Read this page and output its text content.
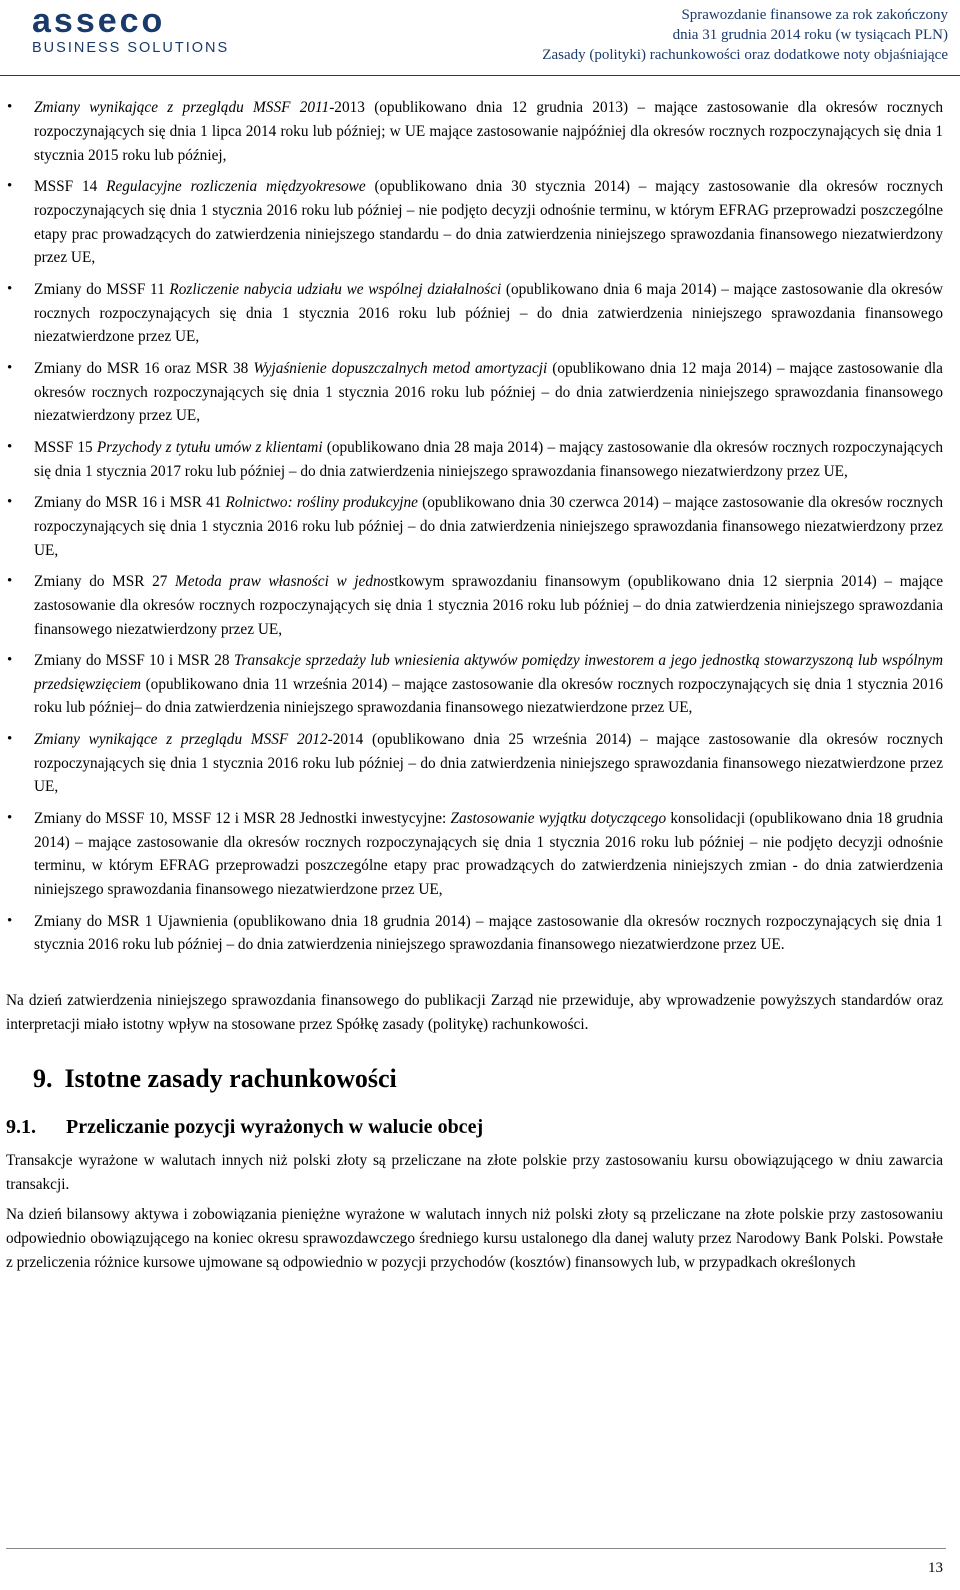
asseco
BUSINESS SOLUTIONS
Sprawozdanie finansowe za rok zakończony
dnia 31 grudnia 2014 roku (w tysiącach PLN)
Zasady (polityki) rachunkowości oraz dodatkowe noty objaśniające
• Zmiany wynikające z przeglądu MSSF 2011-2013 (opublikowano dnia 12 grudnia 2013) – mające zastosowanie dla okresów rocznych rozpoczynających się dnia 1 lipca 2014 roku lub później; w UE mające zastosowanie najpóźniej dla okresów rocznych rozpoczynających się dnia 1 stycznia 2015 roku lub później,
• MSSF 14 Regulacyjne rozliczenia międzyokresowe (opublikowano dnia 30 stycznia 2014) – mający zastosowanie dla okresów rocznych rozpoczynających się dnia 1 stycznia 2016 roku lub później – nie podjęto decyzji odnośnie terminu, w którym EFRAG przeprowadzi poszczególne etapy prac prowadzących do zatwierdzenia niniejszego standardu – do dnia zatwierdzenia niniejszego sprawozdania finansowego niezatwierdzony przez UE,
• Zmiany do MSSF 11 Rozliczenie nabycia udziału we wspólnej działalności (opublikowano dnia 6 maja 2014) – mające zastosowanie dla okresów rocznych rozpoczynających się dnia 1 stycznia 2016 roku lub później – do dnia zatwierdzenia niniejszego sprawozdania finansowego niezatwierdzone przez UE,
• Zmiany do MSR 16 oraz MSR 38 Wyjaśnienie dopuszczalnych metod amortyzacji (opublikowano dnia 12 maja 2014) – mające zastosowanie dla okresów rocznych rozpoczynających się dnia 1 stycznia 2016 roku lub później – do dnia zatwierdzenia niniejszego sprawozdania finansowego niezatwierdzony przez UE,
• MSSF 15 Przychody z tytułu umów z klientami (opublikowano dnia 28 maja 2014) – mający zastosowanie dla okresów rocznych rozpoczynających się dnia 1 stycznia 2017 roku lub później – do dnia zatwierdzenia niniejszego sprawozdania finansowego niezatwierdzony przez UE,
• Zmiany do MSR 16 i MSR 41 Rolnictwo: rośliny produkcyjne (opublikowano dnia 30 czerwca 2014) – mające zastosowanie dla okresów rocznych rozpoczynających się dnia 1 stycznia 2016 roku lub później – do dnia zatwierdzenia niniejszego sprawozdania finansowego niezatwierdzony przez UE,
• Zmiany do MSR 27 Metoda praw własności w jednostkowym sprawozdaniu finansowym (opublikowano dnia 12 sierpnia 2014) – mające zastosowanie dla okresów rocznych rozpoczynających się dnia 1 stycznia 2016 roku lub później – do dnia zatwierdzenia niniejszego sprawozdania finansowego niezatwierdzony przez UE,
• Zmiany do MSSF 10 i MSR 28 Transakcje sprzedaży lub wniesienia aktywów pomiędzy inwestorem a jego jednostką stowarzyszoną lub wspólnym przedsięwzięciem (opublikowano dnia 11 września 2014) – mające zastosowanie dla okresów rocznych rozpoczynających się dnia 1 stycznia 2016 roku lub później– do dnia zatwierdzenia niniejszego sprawozdania finansowego niezatwierdzone przez UE,
• Zmiany wynikające z przeglądu MSSF 2012-2014 (opublikowano dnia 25 września 2014) – mające zastosowanie dla okresów rocznych rozpoczynających się dnia 1 stycznia 2016 roku lub później – do dnia zatwierdzenia niniejszego sprawozdania finansowego niezatwierdzone przez UE,
• Zmiany do MSSF 10, MSSF 12 i MSR 28 Jednostki inwestycyjne: Zastosowanie wyjątku dotyczącego konsolidacji (opublikowano dnia 18 grudnia 2014) – mające zastosowanie dla okresów rocznych rozpoczynających się dnia 1 stycznia 2016 roku lub później – nie podjęto decyzji odnośnie terminu, w którym EFRAG przeprowadzi poszczególne etapy prac prowadzących do zatwierdzenia niniejszych zmian - do dnia zatwierdzenia niniejszego sprawozdania finansowego niezatwierdzone przez UE,
• Zmiany do MSR 1 Ujawnienia (opublikowano dnia 18 grudnia 2014) – mające zastosowanie dla okresów rocznych rozpoczynających się dnia 1 stycznia 2016 roku lub później – do dnia zatwierdzenia niniejszego sprawozdania finansowego niezatwierdzone przez UE.

Na dzień zatwierdzenia niniejszego sprawozdania finansowego do publikacji Zarząd nie przewiduje, aby wprowadzenie powyższych standardów oraz interpretacji miało istotny wpływ na stosowane przez Spółkę zasady (politykę) rachunkowości.

9. Istotne zasady rachunkowości
9.1. Przeliczanie pozycji wyrażonych w walucie obcej

Transakcje wyrażone w walutach innych niż polski złoty są przeliczane na złote polskie przy zastosowaniu kursu obowiązującego w dniu zawarcia transakcji.

Na dzień bilansowy aktywa i zobowiązania pieniężne wyrażone w walutach innych niż polski złoty są przeliczane na złote polskie przy zastosowaniu odpowiednio obowiązującego na koniec okresu sprawozdawczego średniego kursu ustalonego dla danej waluty przez Narodowy Bank Polski. Powstałe z przeliczenia różnice kursowe ujmowane są odpowiednio w pozycji przychodów (kosztów) finansowych lub, w przypadkach określonych

13
